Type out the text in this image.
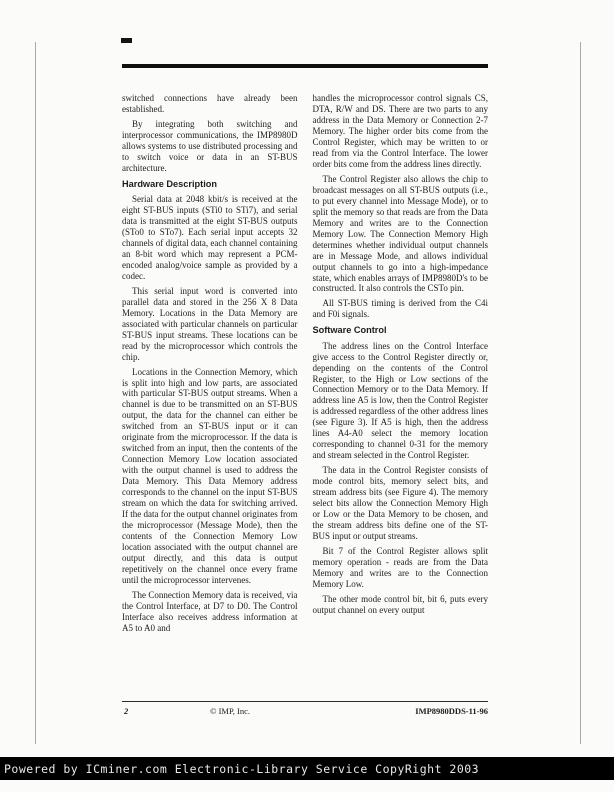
switched connections have already been established.

By integrating both switching and interprocessor communications, the IMP8980D allows systems to use distributed processing and to switch voice or data in an ST-BUS architecture.

Hardware Description

Serial data at 2048 kbit/s is received at the eight ST-BUS inputs (STi0 to STi7), and serial data is transmitted at the eight ST-BUS outputs (STo0 to STo7). Each serial input accepts 32 channels of digital data, each channel containing an 8-bit word which may represent a PCM-encoded analog/voice sample as provided by a codec.

This serial input word is converted into parallel data and stored in the 256 X 8 Data Memory. Locations in the Data Memory are associated with particular channels on particular ST-BUS input streams. These locations can be read by the microprocessor which controls the chip.

Locations in the Connection Memory, which is split into high and low parts, are associated with particular ST-BUS output streams. When a channel is due to be transmitted on an ST-BUS output, the data for the channel can either be switched from an ST-BUS input or it can originate from the microprocessor. If the data is switched from an input, then the contents of the Connection Memory Low location associated with the output channel is used to address the Data Memory. This Data Memory address corresponds to the channel on the input ST-BUS stream on which the data for switching arrived. If the data for the output channel originates from the microprocessor (Message Mode), then the contents of the Connection Memory Low location associated with the output channel are output directly, and this data is output repetitively on the channel once every frame until the microprocessor intervenes.

The Connection Memory data is received, via the Control Interface, at D7 to D0. The Control Interface also receives address information at A5 to A0 and

handles the microprocessor control signals CS, DTA, R/W and DS. There are two parts to any address in the Data Memory or Connection 2-7 Memory. The higher order bits come from the Control Register, which may be written to or read from via the Control Interface. The lower order bits come from the address lines directly.

The Control Register also allows the chip to broadcast messages on all ST-BUS outputs (i.e., to put every channel into Message Mode), or to split the memory so that reads are from the Data Memory and writes are to the Connection Memory Low. The Connection Memory High determines whether individual output channels are in Message Mode, and allows individual output channels to go into a high-impedance state, which enables arrays of IMP8980D's to be constructed. It also controls the CSTo pin.

All ST-BUS timing is derived from the C4i and F0i signals.

Software Control

The address lines on the Control Interface give access to the Control Register directly or, depending on the contents of the Control Register, to the High or Low sections of the Connection Memory or to the Data Memory. If address line A5 is low, then the Control Register is addressed regardless of the other address lines (see Figure 3). If A5 is high, then the address lines A4-A0 select the memory location corresponding to channel 0-31 for the memory and stream selected in the Control Register.

The data in the Control Register consists of mode control bits, memory select bits, and stream address bits (see Figure 4). The memory select bits allow the Connection Memory High or Low or the Data Memory to be chosen, and the stream address bits define one of the ST-BUS input or output streams.

Bit 7 of the Control Register allows split memory operation - reads are from the Data Memory and writes are to the Connection Memory Low.

The other mode control bit, bit 6, puts every output channel on every output

2	© IMP, Inc.	IMP8980DDS-11-96
Powered by ICminer.com Electronic-Library Service CopyRight 2003
